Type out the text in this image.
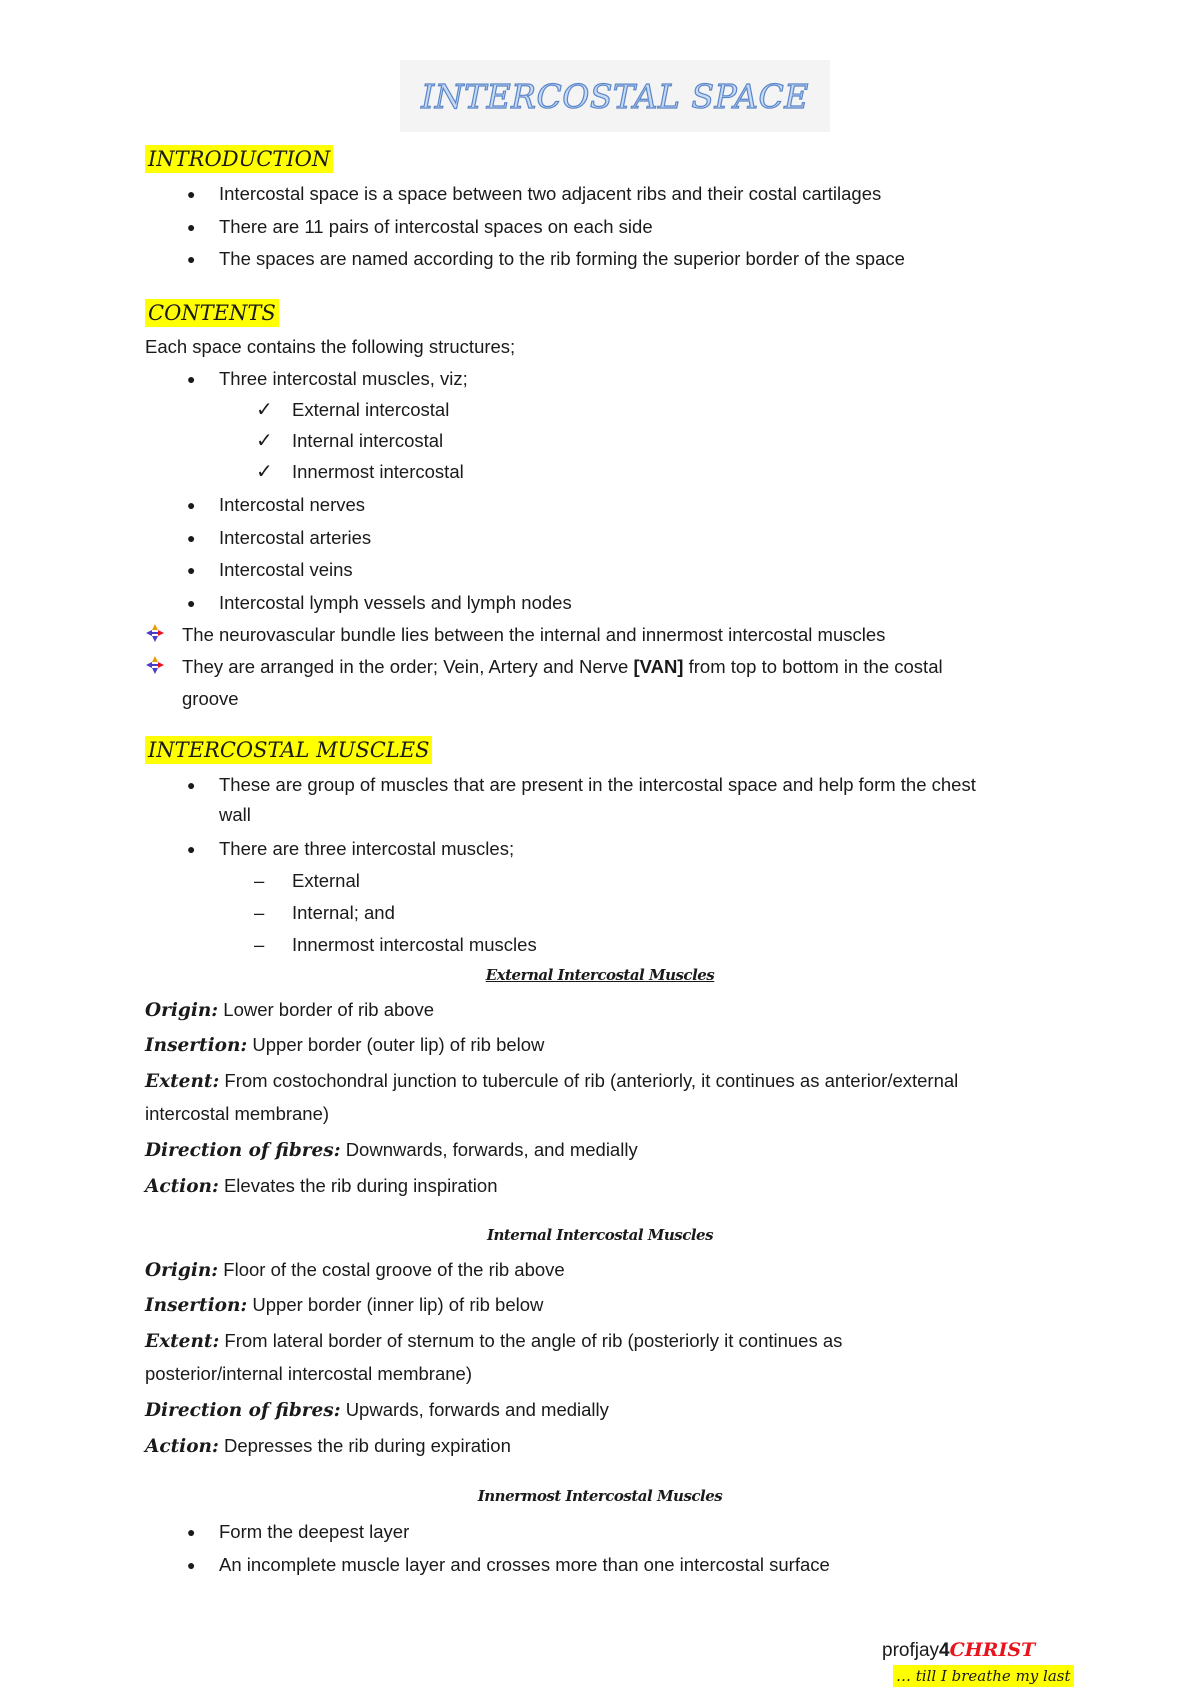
INTERCOSTAL SPACE
INTRODUCTION
● Intercostal space is a space between two adjacent ribs and their costal cartilages
● There are 11 pairs of intercostal spaces on each side
● The spaces are named according to the rib forming the superior border of the space
CONTENTS
Each space contains the following structures;
● Three intercostal muscles, viz;
✓ External intercostal
✓ Internal intercostal
✓ Innermost intercostal
● Intercostal nerves
● Intercostal arteries
● Intercostal veins
● Intercostal lymph vessels and lymph nodes
The neurovascular bundle lies between the internal and innermost intercostal muscles
They are arranged in the order; Vein, Artery and Nerve [VAN] from top to bottom in the costal
groove
INTERCOSTAL MUSCLES
● These are group of muscles that are present in the intercostal space and help form the chest
wall
● There are three intercostal muscles;
– External
– Internal; and
– Innermost intercostal muscles
External Intercostal Muscles
Origin: Lower border of rib above
Insertion: Upper border (outer lip) of rib below
Extent: From costochondral junction to tubercule of rib (anteriorly, it continues as anterior/external
intercostal membrane)
Direction of fibres: Downwards, forwards, and medially
Action: Elevates the rib during inspiration
Internal Intercostal Muscles
Origin: Floor of the costal groove of the rib above
Insertion: Upper border (inner lip) of rib below
Extent: From lateral border of sternum to the angle of rib (posteriorly it continues as
posterior/internal intercostal membrane)
Direction of fibres: Upwards, forwards and medially
Action: Depresses the rib during expiration
Innermost Intercostal Muscles
● Form the deepest layer
● An incomplete muscle layer and crosses more than one intercostal surface
profjay4CHRIST
… till I breathe my last
